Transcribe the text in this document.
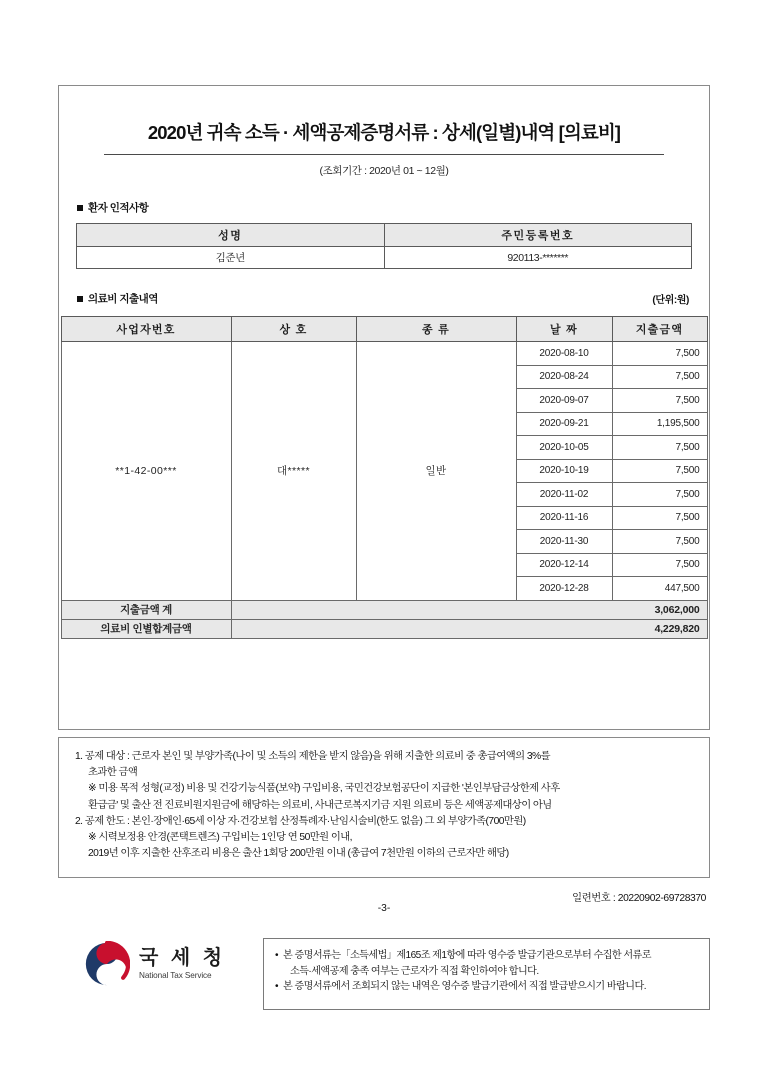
2020년 귀속 소득 · 세액공제증명서류 : 상세(일별)내역 [의료비]
(조회기간 : 2020년 01 ~ 12월)
환자 인적사항
성명	주민등록번호
김준년	920113-*******
의료비 지출내역	(단위:원)
사업자번호	상 호	종 류	날 짜	지출금액
**1-42-00***	대*****	일반	2020-08-10	7,500
			2020-08-24	7,500
			2020-09-07	7,500
			2020-09-21	1,195,500
			2020-10-05	7,500
			2020-10-19	7,500
			2020-11-02	7,500
			2020-11-16	7,500
			2020-11-30	7,500
			2020-12-14	7,500
			2020-12-28	447,500
지출금액 계	3,062,000			
의료비 인별합계금액	4,229,820			
1. 공제 대상 : 근로자 본인 및 부양가족(나이 및 소득의 제한을 받지 않음)을 위해 지출한 의료비 중 총급여액의 3%를
초과한 금액
※ 미용 목적 성형(교정) 비용 및 건강기능식품(보약) 구입비용, 국민건강보험공단이 지급한 '본인부담금상한제 사후
환급금' 및 출산 전 진료비원지원금에 해당하는 의료비, 사내근로복지기금 지원 의료비 등은 세액공제대상이 아님
2. 공제 한도 : 본인·장애인·65세 이상 자·건강보험 산정특례자·난임시술비(한도 없음) 그 외 부양가족(700만원)
※ 시력보정용 안경(콘택트렌즈) 구입비는 1인당 연 50만원 이내,
2019년 이후 지출한 산후조리 비용은 출산 1회당 200만원 이내 (총급여 7천만원 이하의 근로자만 해당)
일련번호 : 20220902-69728370
-3-
국 세 청
National Tax Service
• 본 증명서류는「소득세법」제165조 제1항에 따라 영수증 발급기관으로부터 수집한 서류로
소득·세액공제 충족 여부는 근로자가 직접 확인하여야 합니다.
• 본 증명서류에서 조회되지 않는 내역은 영수증 발급기관에서 직접 발급받으시기 바랍니다.
